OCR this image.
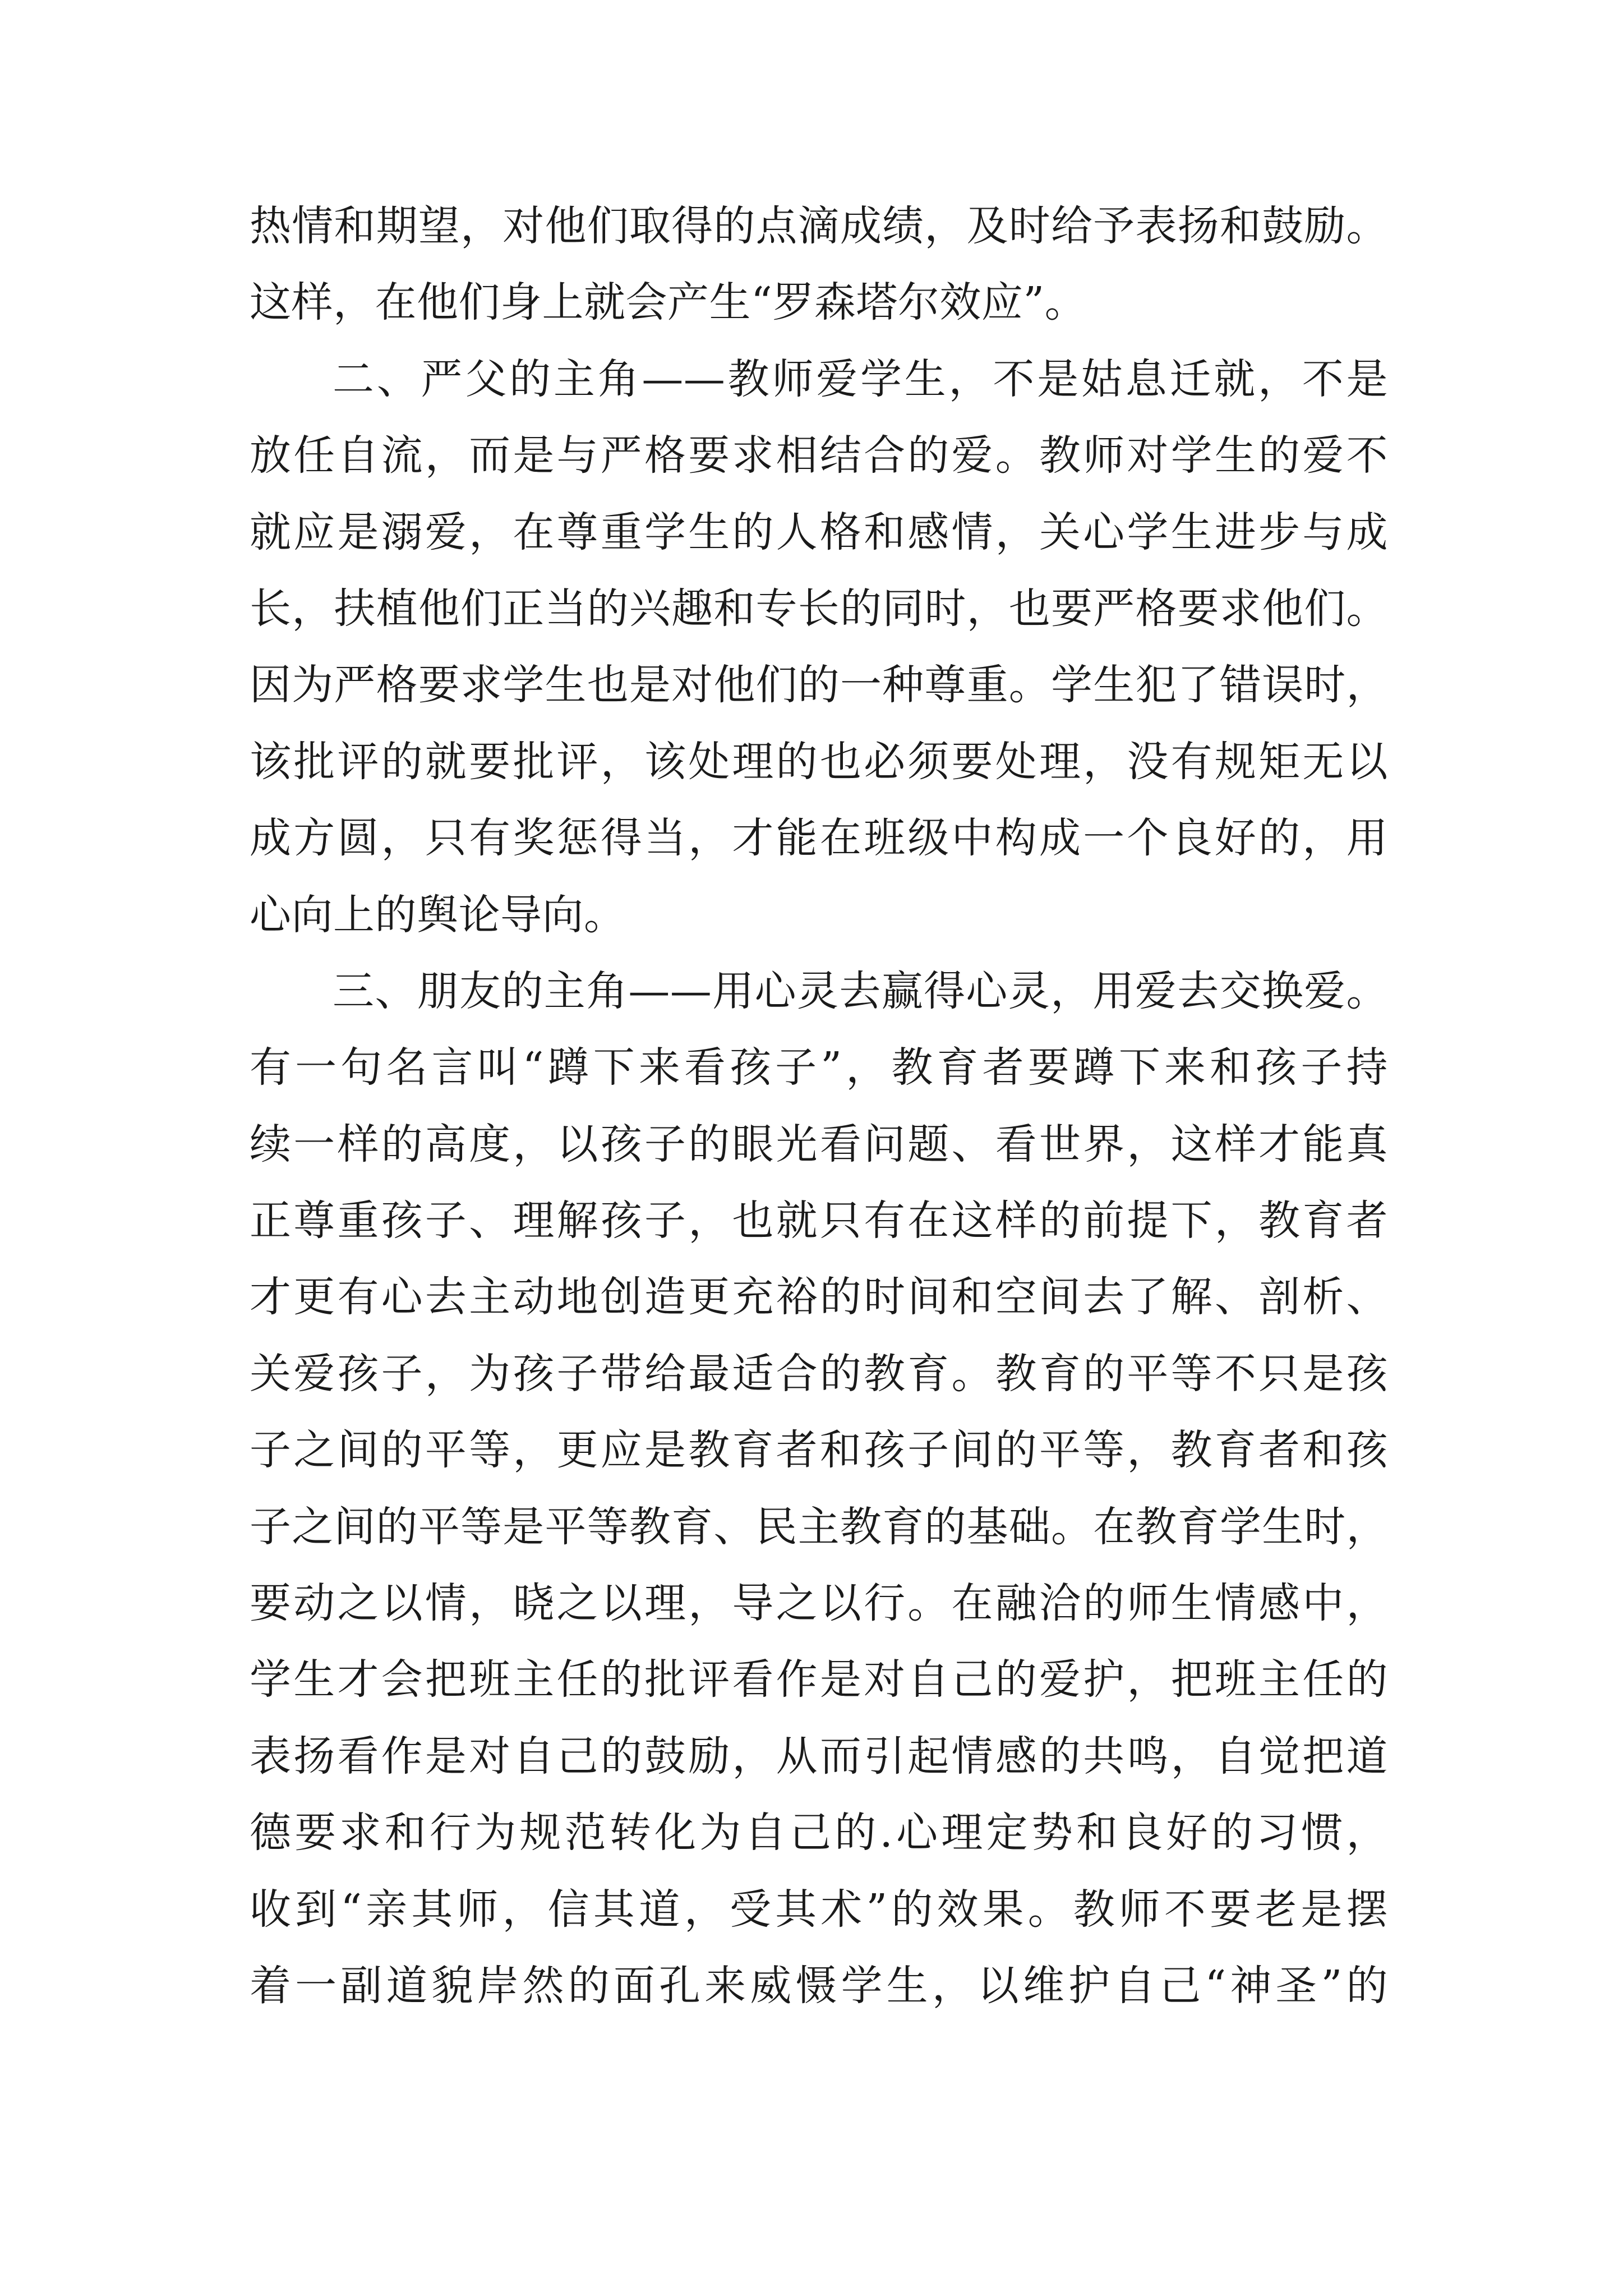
热情和期望，对他们取得的点滴成绩，及时给予表扬和鼓励。
这样，在他们身上就会产生“罗森塔尔效应”。
二、严父的主角——教师爱学生，不是姑息迁就，不是
放任自流，而是与严格要求相结合的爱。教师对学生的爱不
就应是溺爱，在尊重学生的人格和感情，关心学生进步与成
长，扶植他们正当的兴趣和专长的同时，也要严格要求他们。
因为严格要求学生也是对他们的一种尊重。学生犯了错误时，
该批评的就要批评，该处理的也必须要处理，没有规矩无以
成方圆，只有奖惩得当，才能在班级中构成一个良好的，用
心向上的舆论导向。
三、朋友的主角——用心灵去赢得心灵，用爱去交换爱。
有一句名言叫“蹲下来看孩子”，教育者要蹲下来和孩子持
续一样的高度，以孩子的眼光看问题、看世界，这样才能真
正尊重孩子、理解孩子，也就只有在这样的前提下，教育者
才更有心去主动地创造更充裕的时间和空间去了解、剖析、
关爱孩子，为孩子带给最适合的教育。教育的平等不只是孩
子之间的平等，更应是教育者和孩子间的平等，教育者和孩
子之间的平等是平等教育、民主教育的基础。在教育学生时，
要动之以情，晓之以理，导之以行。在融洽的师生情感中，
学生才会把班主任的批评看作是对自己的爱护，把班主任的
表扬看作是对自己的鼓励，从而引起情感的共鸣，自觉把道
德要求和行为规范转化为自己的.心理定势和良好的习惯，
收到“亲其师，信其道，受其术”的效果。教师不要老是摆
着一副道貌岸然的面孔来威慑学生，以维护自己“神圣”的
